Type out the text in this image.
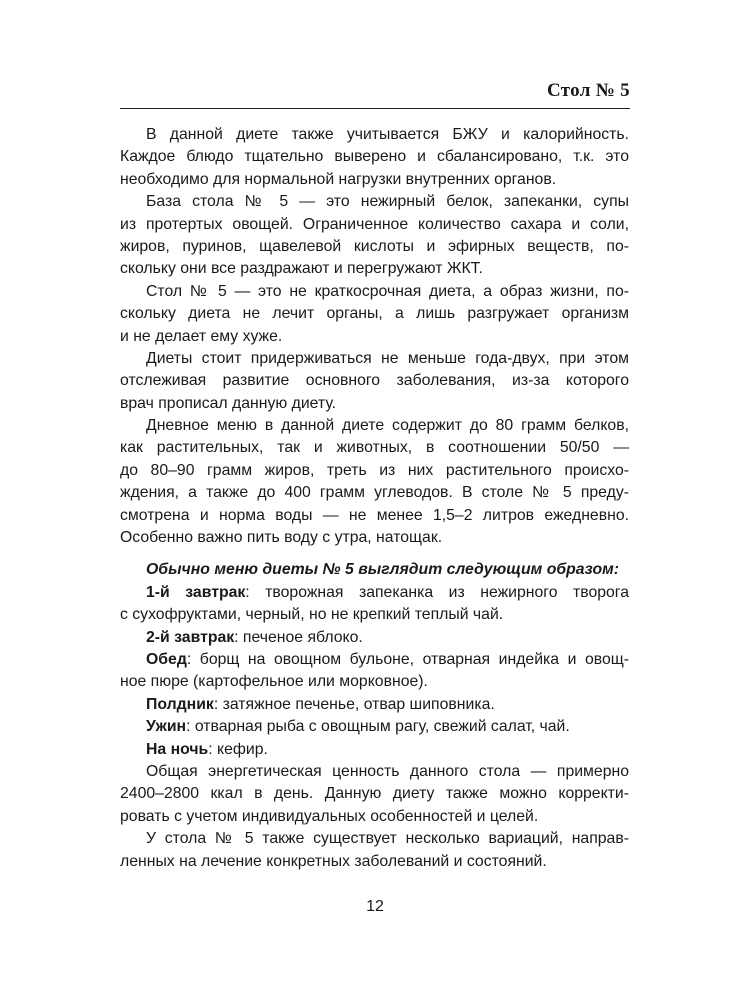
Стол № 5
В данной диете также учитывается БЖУ и калорийность.
Каждое блюдо тщательно выверено и сбалансировано, т.к. это
необходимо для нормальной нагрузки внутренних органов.
База стола № 5 — это нежирный белок, запеканки, супы
из протертых овощей. Ограниченное количество сахара и соли,
жиров, пуринов, щавелевой кислоты и эфирных веществ, по-
скольку они все раздражают и перегружают ЖКТ.
Стол № 5 — это не краткосрочная диета, а образ жизни, по-
скольку диета не лечит органы, а лишь разгружает организм
и не делает ему хуже.
Диеты стоит придерживаться не меньше года-двух, при этом
отслеживая развитие основного заболевания, из-за которого
врач прописал данную диету.
Дневное меню в данной диете содержит до 80 грамм белков,
как растительных, так и животных, в соотношении 50/50 —
до 80–90 грамм жиров, треть из них растительного происхо-
ждения, а также до 400 грамм углеводов. В столе № 5 преду-
смотрена и норма воды — не менее 1,5–2 литров ежедневно.
Особенно важно пить воду с утра, натощак.
Обычно меню диеты № 5 выглядит следующим образом:
1-й завтрак: творожная запеканка из нежирного творога
с сухофруктами, черный, но не крепкий теплый чай.
2-й завтрак: печеное яблоко.
Обед: борщ на овощном бульоне, отварная индейка и овощ-
ное пюре (картофельное или морковное).
Полдник: затяжное печенье, отвар шиповника.
Ужин: отварная рыба с овощным рагу, свежий салат, чай.
На ночь: кефир.
Общая энергетическая ценность данного стола — примерно
2400–2800 ккал в день. Данную диету также можно корректи-
ровать с учетом индивидуальных особенностей и целей.
У стола № 5 также существует несколько вариаций, направ-
ленных на лечение конкретных заболеваний и состояний.
12
